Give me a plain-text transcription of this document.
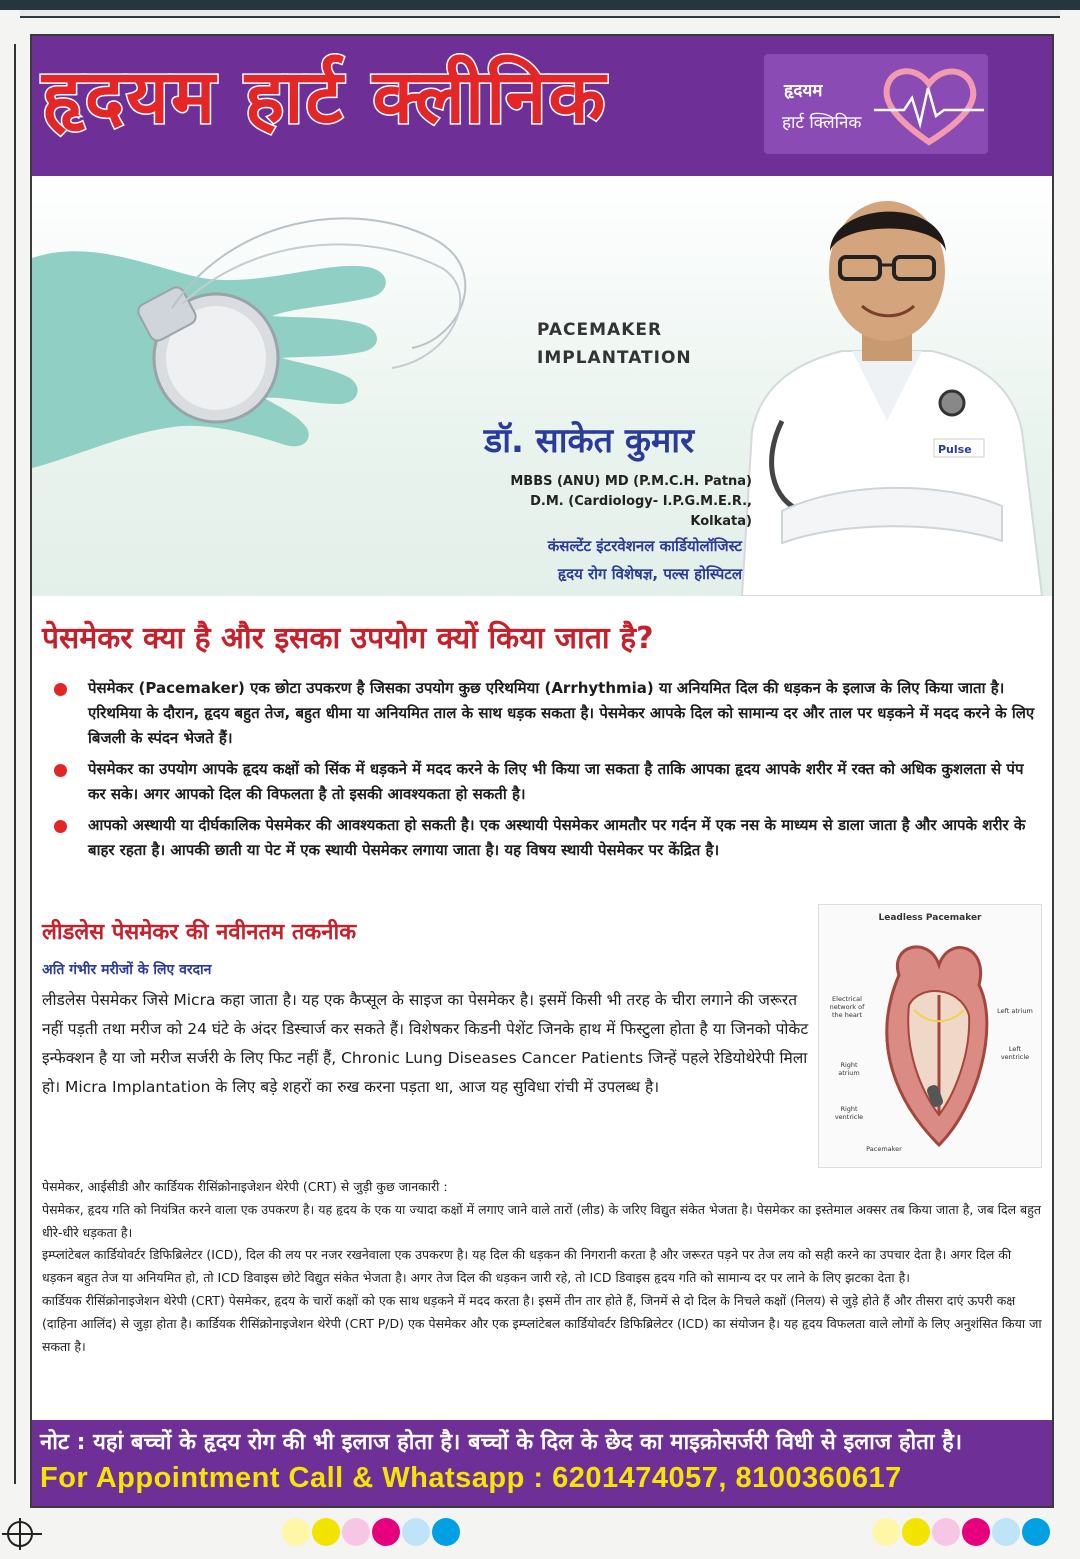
हृदयम हार्ट क्लीनिक	हृदयम
हार्ट क्लिनिक
PACEMAKER
IMPLANTATION
Pulse
डॉ. साकेत कुमार
MBBS (ANU) MD (P.M.C.H. Patna)
D.M. (Cardiology- I.P.G.M.E.R., Kolkata)
कंसल्टेंट इंटरवेशनल कार्डियोलॉजिस्ट
हृदय रोग विशेषज्ञ, पल्स होस्पिटल
पेसमेकर क्या है और इसका उपयोग क्यों किया जाता है?
पेसमेकर (Pacemaker) एक छोटा उपकरण है जिसका उपयोग कुछ एरिथमिया (Arrhythmia) या अनियमित दिल की धड़कन के इलाज के लिए किया जाता है। एरिथमिया के दौरान, हृदय बहुत तेज, बहुत धीमा या अनियमित ताल के साथ धड़क सकता है। पेसमेकर आपके दिल को सामान्य दर और ताल पर धड़कने में मदद करने के लिए बिजली के स्पंदन भेजते हैं।
पेसमेकर का उपयोग आपके हृदय कक्षों को सिंक में धड़कने में मदद करने के लिए भी किया जा सकता है ताकि आपका हृदय आपके शरीर में रक्त को अधिक कुशलता से पंप कर सके। अगर आपको दिल की विफलता है तो इसकी आवश्यकता हो सकती है।
आपको अस्थायी या दीर्घकालिक पेसमेकर की आवश्यकता हो सकती है। एक अस्थायी पेसमेकर आमतौर पर गर्दन में एक नस के माध्यम से डाला जाता है और आपके शरीर के बाहर रहता है। आपकी छाती या पेट में एक स्थायी पेसमेकर लगाया जाता है। यह विषय स्थायी पेसमेकर पर केंद्रित है।
लीडलेस पेसमेकर की नवीनतम तकनीक
अति गंभीर मरीजों के लिए वरदान
लीडलेस पेसमेकर जिसे Micra कहा जाता है। यह एक कैप्सूल के साइज का पेसमेकर है। इसमें किसी भी तरह के चीरा लगाने की जरूरत नहीं पड़ती तथा मरीज को 24 घंटे के अंदर डिस्चार्ज कर सकते हैं। विशेषकर किडनी पेशेंट जिनके हाथ में फिस्टुला होता है या जिनको पोकेट इन्फेक्शन है या जो मरीज सर्जरी के लिए फिट नहीं हैं, Chronic Lung Diseases Cancer Patients जिन्हें पहले रेडियोथेरेपी मिला हो। Micra Implantation के लिए बड़े शहरों का रुख करना पड़ता था, आज यह सुविधा रांची में उपलब्ध है।
Leadless Pacemaker
Electrical network of the heart	Left atrium
Left ventricle
Right atrium
Right ventricle
Pacemaker

पेसमेकर, आईसीडी और कार्डियक रीसिंक्रोनाइजेशन थेरेपी (CRT) से जुड़ी कुछ जानकारी :

पेसमेकर, हृदय गति को नियंत्रित करने वाला एक उपकरण है। यह हृदय के एक या ज्यादा कक्षों में लगाए जाने वाले तारों (लीड) के जरिए विद्युत संकेत भेजता है। पेसमेकर का इस्तेमाल अक्सर तब किया जाता है, जब दिल बहुत धीरे-धीरे धड़कता है।

इम्प्लांटेबल कार्डियोवर्टर डिफिब्रिलेटर (ICD), दिल की लय पर नजर रखनेवाला एक उपकरण है। यह दिल की धड़कन की निगरानी करता है और जरूरत पड़ने पर तेज लय को सही करने का उपचार देता है। अगर दिल की धड़कन बहुत तेज या अनियमित हो, तो ICD डिवाइस छोटे विद्युत संकेत भेजता है। अगर तेज दिल की धड़कन जारी रहे, तो ICD डिवाइस हृदय गति को सामान्य दर पर लाने के लिए झटका देता है।

कार्डियक रीसिंक्रोनाइजेशन थेरेपी (CRT) पेसमेकर, हृदय के चारों कक्षों को एक साथ धड़कने में मदद करता है। इसमें तीन तार होते हैं, जिनमें से दो दिल के निचले कक्षों (निलय) से जुड़े होते हैं और तीसरा दाएं ऊपरी कक्ष (दाहिना आलिंद) से जुड़ा होता है। कार्डियक रीसिंक्रोनाइजेशन थेरेपी (CRT P/D) एक पेसमेकर और एक इम्प्लांटेबल कार्डियोवर्टर डिफिब्रिलेटर (ICD) का संयोजन है। यह हृदय विफलता वाले लोगों के लिए अनुशंसित किया जा सकता है।

नोट : यहां बच्चों के हृदय रोग की भी इलाज होता है। बच्चों के दिल के छेद का माइक्रोसर्जरी विधी से इलाज होता है।
For Appointment Call & Whatsapp : 6201474057, 8100360617
